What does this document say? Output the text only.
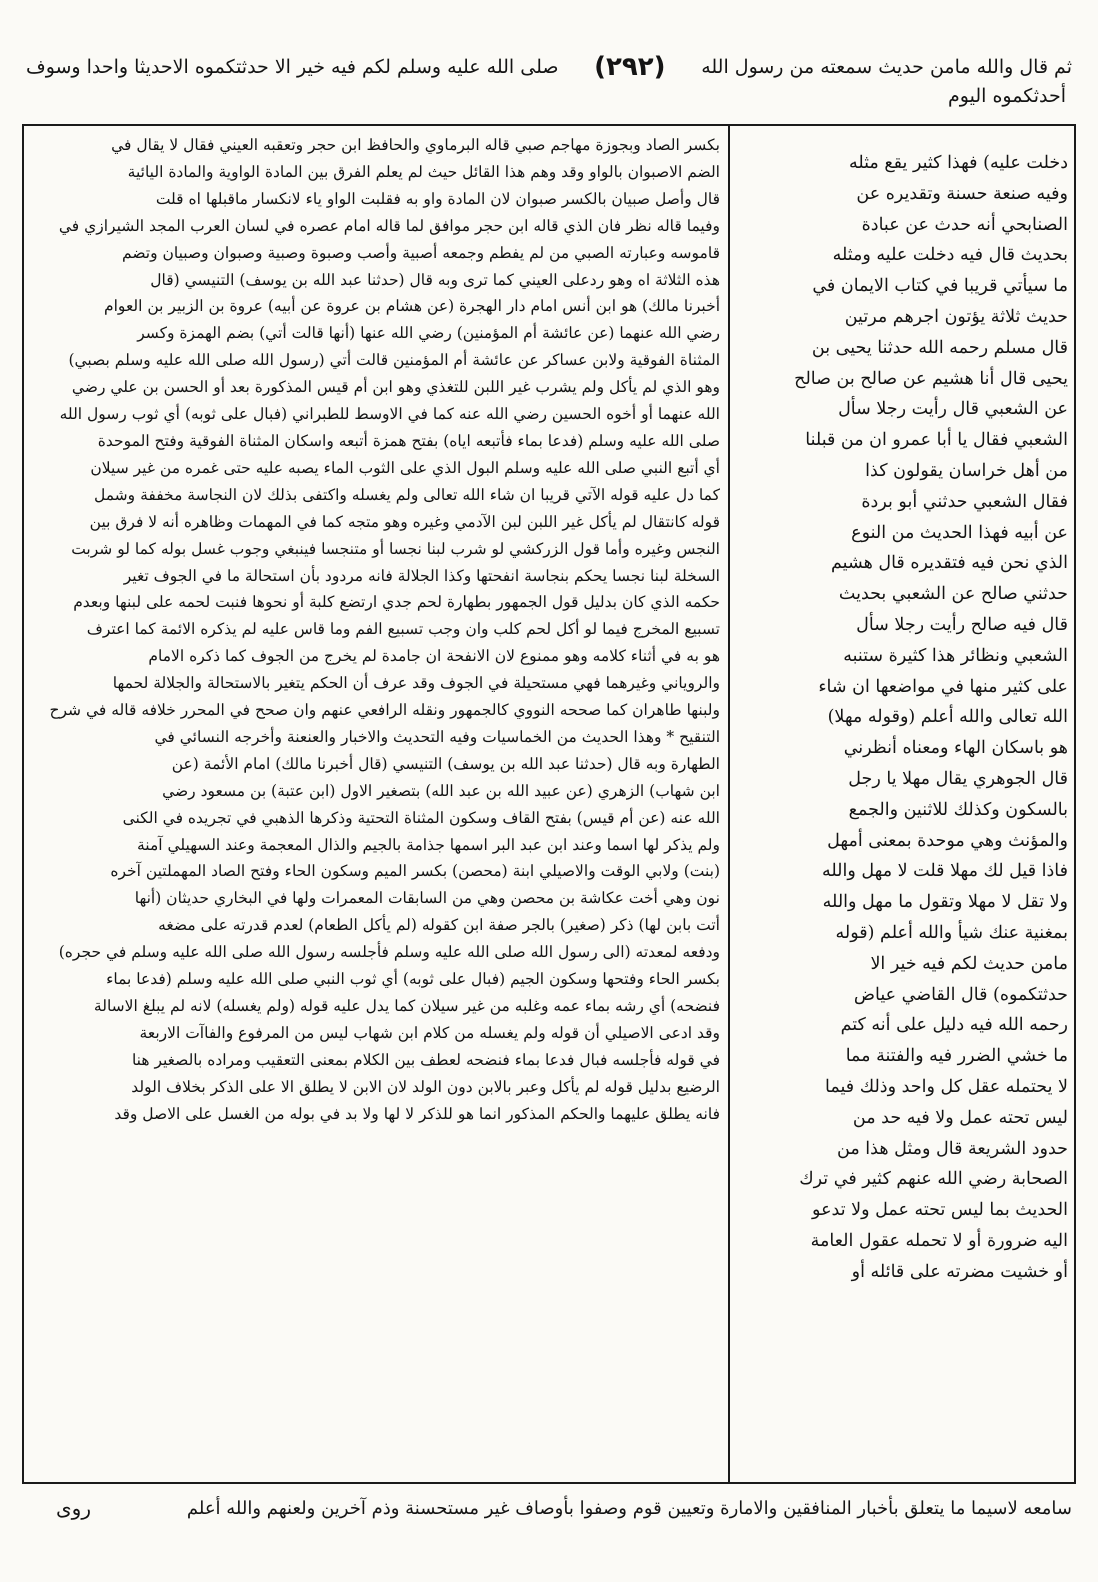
ثم قال والله مامن حديث سمعته من رسول الله
(٢٩٢)
صلى الله عليه وسلم لكم فيه خير الا حدثتكموه الاحديثا واحدا وسوف
أحدثكموه اليوم
دخلت عليه) فهذا كثير يقع مثله
وفيه صنعة حسنة وتقديره عن
الصنابحي أنه حدث عن عبادة
بحديث قال فيه دخلت عليه ومثله
ما سيأتي قريبا في كتاب الايمان في
حديث ثلاثة يؤتون اجرهم مرتين
قال مسلم رحمه الله حدثنا يحيى بن
يحيى قال أنا هشيم عن صالح بن صالح
عن الشعبي قال رأيت رجلا سأل
الشعبي فقال يا أبا عمرو ان من قبلنا
من أهل خراسان يقولون كذا
فقال الشعبي حدثني أبو بردة
عن أبيه فهذا الحديث من النوع
الذي نحن فيه فتقديره قال هشيم
حدثني صالح عن الشعبي بحديث
قال فيه صالح رأيت رجلا سأل
الشعبي ونظائر هذا كثيرة ستنبه
على كثير منها في مواضعها ان شاء
الله تعالى والله أعلم (وقوله مهلا)
هو باسكان الهاء ومعناه أنظرني
قال الجوهري يقال مهلا يا رجل
بالسكون وكذلك للاثنين والجمع
والمؤنث وهي موحدة بمعنى أمهل
فاذا قيل لك مهلا قلت لا مهل والله
ولا تقل لا مهلا وتقول ما مهل والله
بمغنية عنك شيأ والله أعلم (قوله
مامن حديث لكم فيه خير الا
حدثتكموه) قال القاضي عياض
رحمه الله فيه دليل على أنه كتم
ما خشي الضرر فيه والفتنة مما
لا يحتمله عقل كل واحد وذلك فيما
ليس تحته عمل ولا فيه حد من
حدود الشريعة قال ومثل هذا من
الصحابة رضي الله عنهم كثير في ترك
الحديث بما ليس تحته عمل ولا تدعو
اليه ضرورة أو لا تحمله عقول العامة
أو خشيت مضرته على قائله أو
بكسر الصاد وبجوزة مهاجم صبي قاله البرماوي والحافظ ابن حجر وتعقبه العيني فقال لا يقال في
الضم الاصبوان بالواو وقد وهم هذا القائل حيث لم يعلم الفرق بين المادة الواوية والمادة اليائية
قال وأصل صبيان بالكسر صبوان لان المادة واو به فقلبت الواو ياء لانكسار ماقبلها اه قلت
وفيما قاله نظر فان الذي قاله ابن حجر موافق لما قاله امام عصره في لسان العرب المجد الشيرازي في
قاموسه وعبارته الصبي من لم يفطم وجمعه أصبية وأصب وصبوة وصبية وصبوان وصبيان وتضم
هذه الثلاثة اه وهو ردعلى العيني كما ترى وبه قال (حدثنا عبد الله بن يوسف) التنيسي (قال
أخبرنا مالك) هو ابن أنس امام دار الهجرة (عن هشام بن عروة عن أبيه) عروة بن الزبير بن العوام
رضي الله عنهما (عن عائشة أم المؤمنين) رضي الله عنها (أنها قالت أتي) بضم الهمزة وكسر
المثناة الفوقية ولابن عساكر عن عائشة أم المؤمنين قالت أتي (رسول الله صلى الله عليه وسلم بصبي)
وهو الذي لم يأكل ولم يشرب غير اللبن للتغذي وهو ابن أم قيس المذكورة بعد أو الحسن بن علي رضي
الله عنهما أو أخوه الحسين رضي الله عنه كما في الاوسط للطبراني (فبال على ثوبه) أي ثوب رسول الله
صلى الله عليه وسلم (فدعا بماء فأتبعه اياه) بفتح همزة أتبعه واسكان المثناة الفوقية وفتح الموحدة
أي أتبع النبي صلى الله عليه وسلم البول الذي على الثوب الماء يصبه عليه حتى غمره من غير سيلان
كما دل عليه قوله الآتي قريبا ان شاء الله تعالى ولم يغسله واكتفى بذلك لان النجاسة مخففة وشمل
قوله كانتقال لم يأكل غير اللبن لبن الآدمي وغيره وهو متجه كما في المهمات وظاهره أنه لا فرق بين
النجس وغيره وأما قول الزركشي لو شرب لبنا نجسا أو متنجسا فينبغي وجوب غسل بوله كما لو شربت
السخلة لبنا نجسا يحكم بنجاسة انفحتها وكذا الجلالة فانه مردود بأن استحالة ما في الجوف تغير
حكمه الذي كان بدليل قول الجمهور بطهارة لحم جدي ارتضع كلبة أو نحوها فنبت لحمه على لبنها وبعدم
تسبيع المخرج فيما لو أكل لحم كلب وان وجب تسبيع الفم وما قاس عليه لم يذكره الائمة كما اعترف
هو به في أثناء كلامه وهو ممنوع لان الانفحة ان جامدة لم يخرج من الجوف كما ذكره الامام
والروياني وغيرهما فهي مستحيلة في الجوف وقد عرف أن الحكم يتغير بالاستحالة والجلالة لحمها
ولبنها طاهران كما صححه النووي كالجمهور ونقله الرافعي عنهم وان صحح في المحرر خلافه قاله في شرح
التنقيح * وهذا الحديث من الخماسيات وفيه التحديث والاخبار والعنعنة وأخرجه النسائي في
الطهارة وبه قال (حدثنا عبد الله بن يوسف) التنيسي (قال أخبرنا مالك) امام الأئمة (عن
ابن شهاب) الزهري (عن عبيد الله بن عبد الله) بتصغير الاول (ابن عتبة) بن مسعود رضي
الله عنه (عن أم قيس) بفتح القاف وسكون المثناة التحتية وذكرها الذهبي في تجريده في الكنى
ولم يذكر لها اسما وعند ابن عبد البر اسمها جذامة بالجيم والذال المعجمة وعند السهيلي آمنة
(بنت) ولابي الوقت والاصيلي ابنة (محصن) بكسر الميم وسكون الحاء وفتح الصاد المهملتين آخره
نون وهي أخت عكاشة بن محصن وهي من السابقات المعمرات ولها في البخاري حديثان (أنها
أتت بابن لها) ذكر (صغير) بالجر صفة ابن كقوله (لم يأكل الطعام) لعدم قدرته على مضغه
ودفعه لمعدته (الى رسول الله صلى الله عليه وسلم فأجلسه رسول الله صلى الله عليه وسلم في حجره)
بكسر الحاء وفتحها وسكون الجيم (فبال على ثوبه) أي ثوب النبي صلى الله عليه وسلم (فدعا بماء
فنضحه) أي رشه بماء عمه وغلبه من غير سيلان كما يدل عليه قوله (ولم يغسله) لانه لم يبلغ الاسالة
وقد ادعى الاصيلي أن قوله ولم يغسله من كلام ابن شهاب ليس من المرفوع والفاآت الاربعة
في قوله فأجلسه فبال فدعا بماء فنضحه لعطف بين الكلام بمعنى التعقيب ومراده بالصغير هنا
الرضيع بدليل قوله لم يأكل وعبر بالابن دون الولد لان الابن لا يطلق الا على الذكر بخلاف الولد
فانه يطلق عليهما والحكم المذكور انما هو للذكر لا لها ولا بد في بوله من الغسل على الاصل وقد
سامعه لاسيما ما يتعلق بأخبار المنافقين والامارة وتعيين قوم وصفوا بأوصاف غير مستحسنة وذم آخرين ولعنهم والله أعلم
روى
